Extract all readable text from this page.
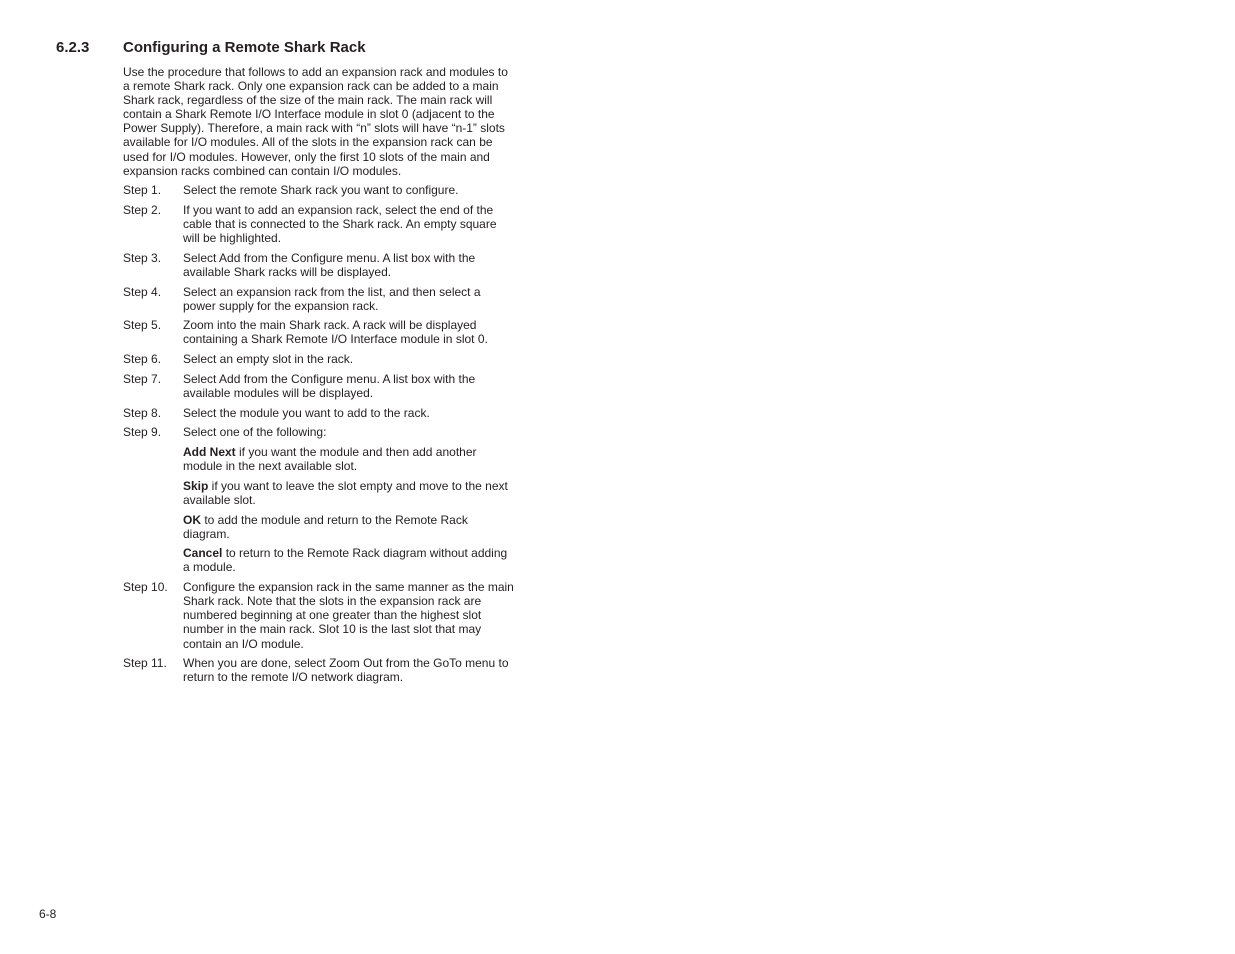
6.2.3 Configuring a Remote Shark Rack

Use the procedure that follows to add an expansion rack and modules to a remote Shark rack. Only one expansion rack can be added to a main Shark rack, regardless of the size of the main rack. The main rack will contain a Shark Remote I/O Interface module in slot 0 (adjacent to the Power Supply). Therefore, a main rack with “n” slots will have “n-1” slots available for I/O modules. All of the slots in the expansion rack can be used for I/O modules. However, only the first 10 slots of the main and expansion racks combined can contain I/O modules.

Step 1.	Select the remote Shark rack you want to configure.
Step 2.	If you want to add an expansion rack, select the end of the cable that is connected to the Shark rack. An empty square will be highlighted.
Step 3.	Select Add from the Configure menu. A list box with the available Shark racks will be displayed.
Step 4.	Select an expansion rack from the list, and then select a power supply for the expansion rack.
Step 5.	Zoom into the main Shark rack. A rack will be displayed containing a Shark Remote I/O Interface module in slot 0.
Step 6.	Select an empty slot in the rack.
Step 7.	Select Add from the Configure menu. A list box with the available modules will be displayed.
Step 8.	Select the module you want to add to the rack.
Step 9.	Select one of the following:
Add Next if you want the module and then add another module in the next available slot.
Skip if you want to leave the slot empty and move to the next available slot.
OK to add the module and return to the Remote Rack diagram.
Cancel to return to the Remote Rack diagram without adding a module.
Step 10.	Configure the expansion rack in the same manner as the main Shark rack. Note that the slots in the expansion rack are numbered beginning at one greater than the highest slot number in the main rack. Slot 10 is the last slot that may contain an I/O module.
Step 11.	When you are done, select Zoom Out from the GoTo menu to return to the remote I/O network diagram.
6-8
